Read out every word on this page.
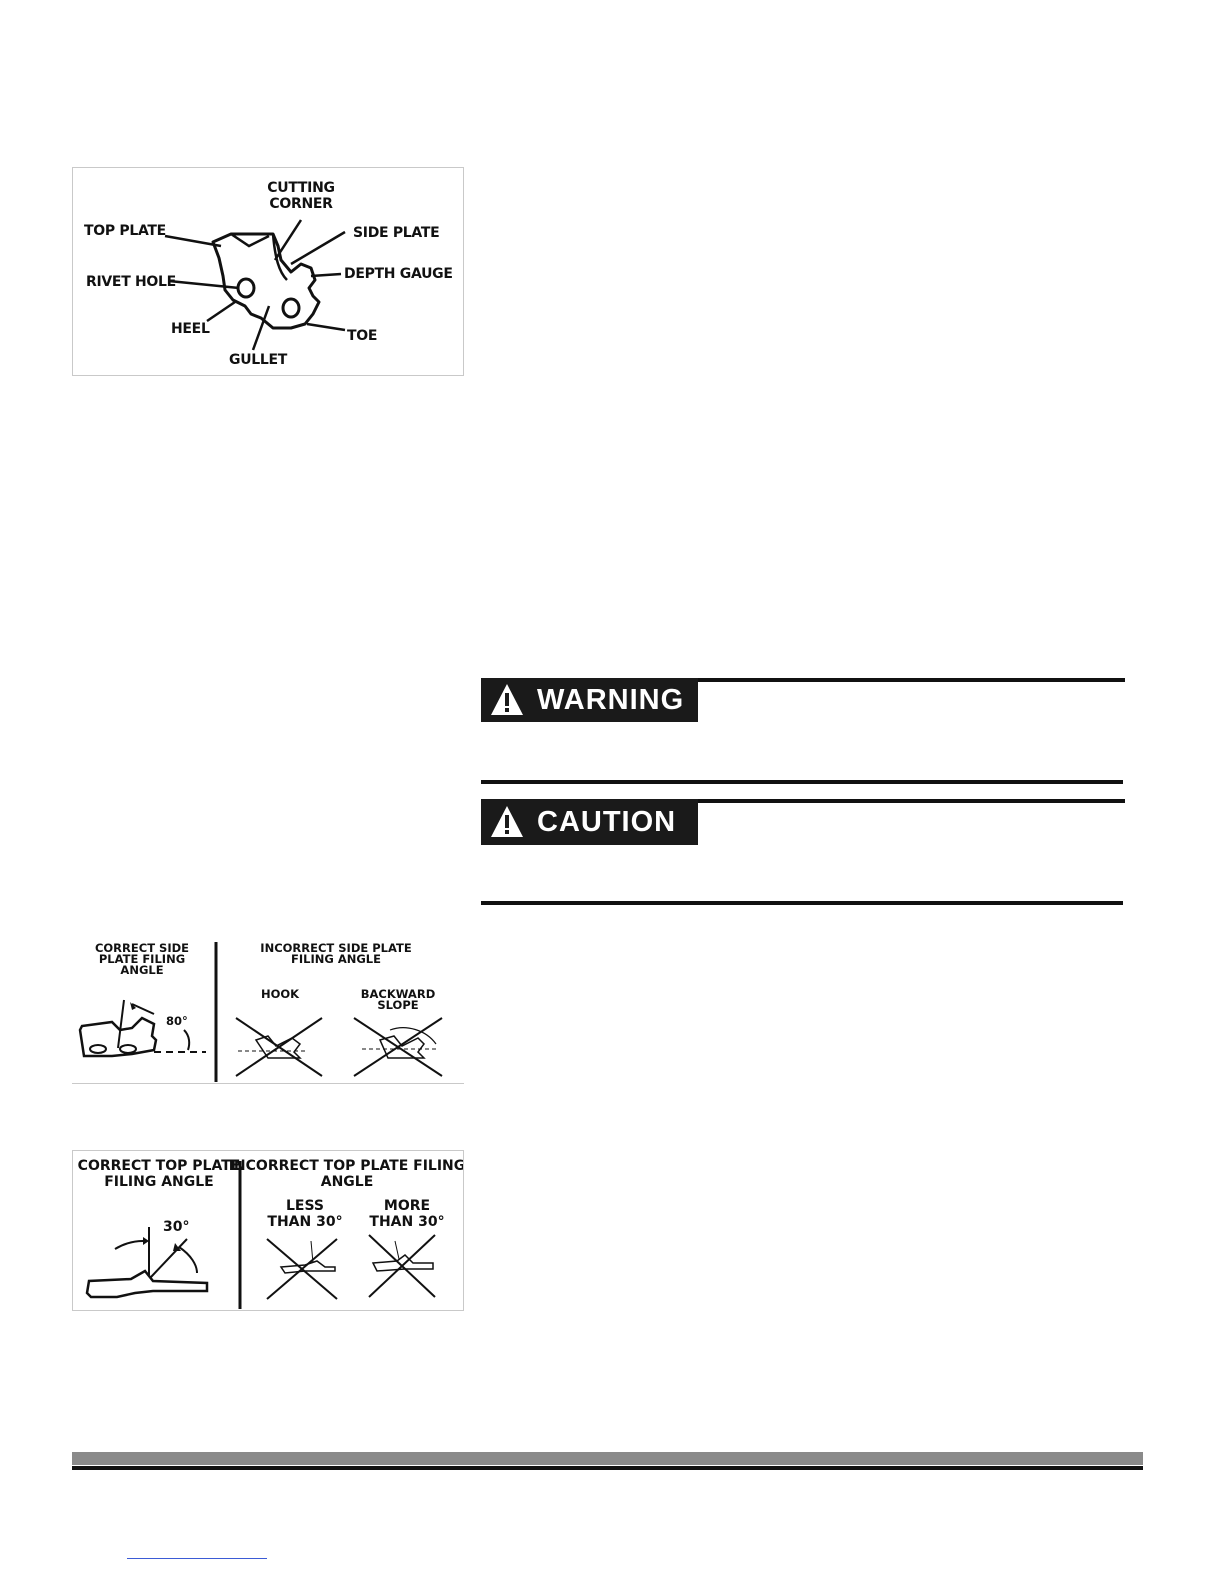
CUTTING
CORNER
TOP PLATE	SIDE PLATE
DEPTH GAUGE
RIVET HOLE
HEEL	TOE
GULLET
CORRECT SIDE
PLATE FILING
ANGLE
INCORRECT SIDE PLATE
FILING ANGLE
80°
HOOK	BACKWARD
SLOPE
CORRECT TOP PLATE
FILING ANGLE
INCORRECT TOP PLATE FILING
ANGLE
30°
LESS
THAN 30°
MORE
THAN 30°
WARNING
CAUTION
